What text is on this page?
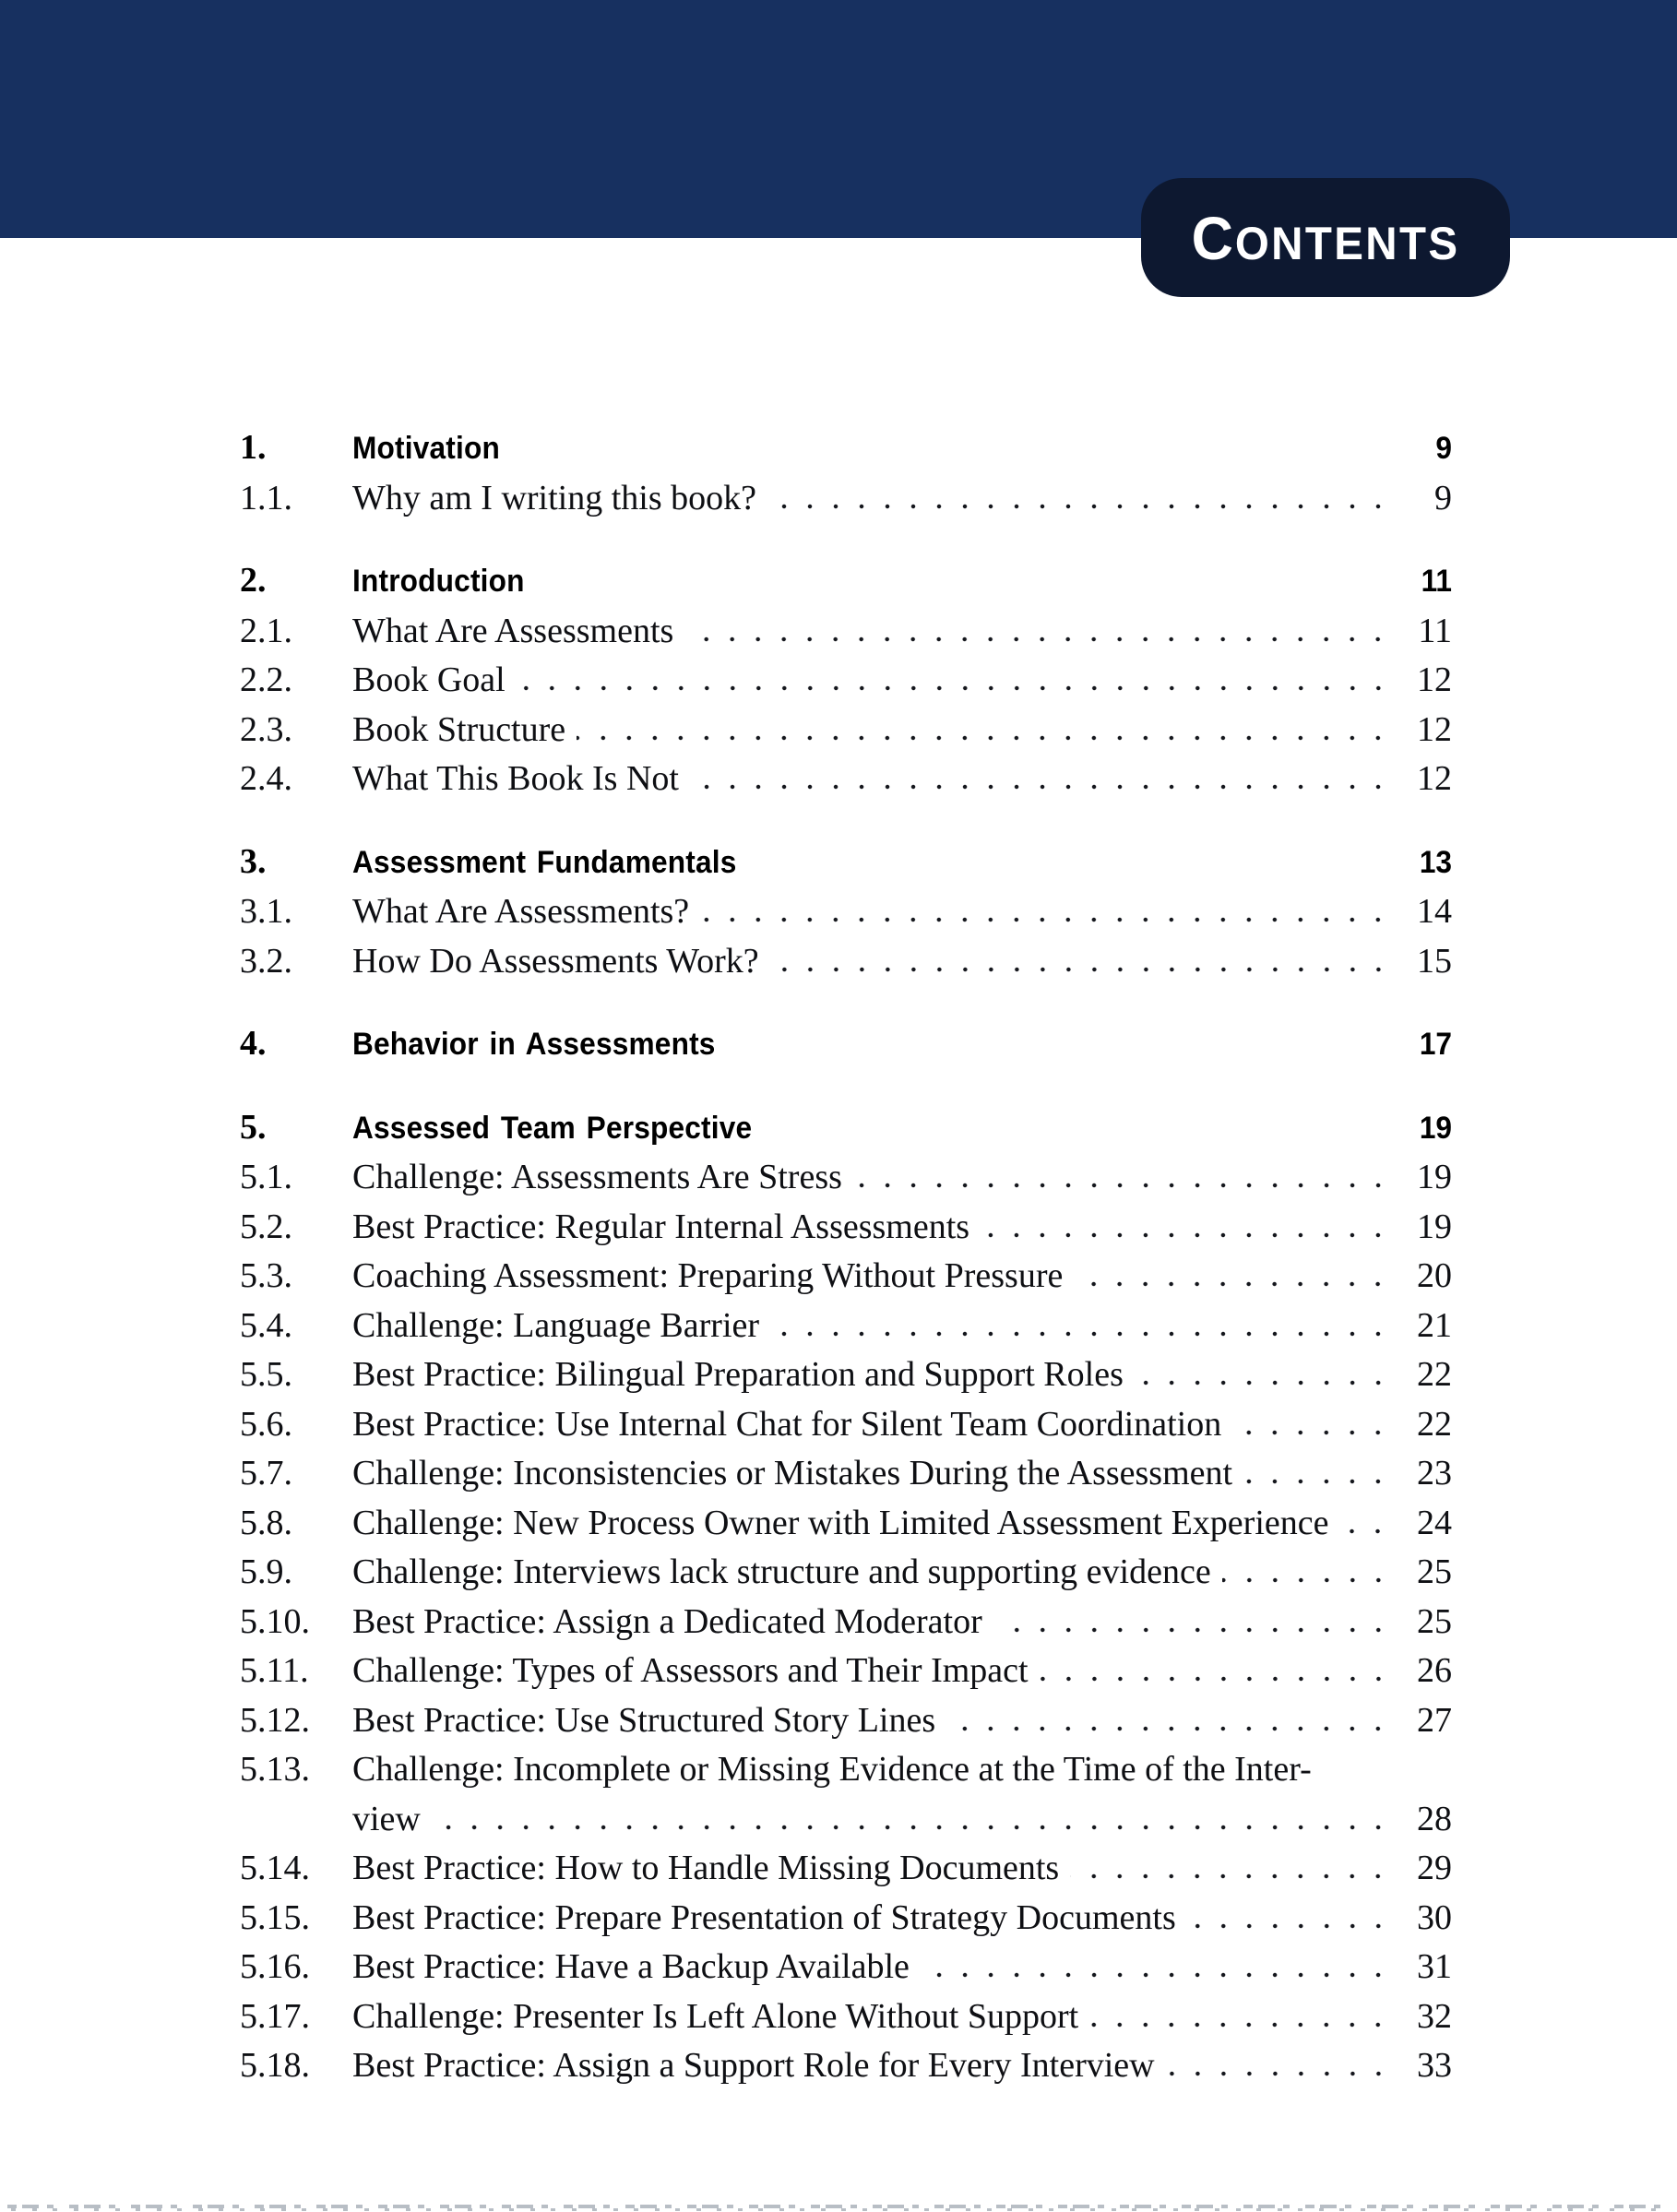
CONTENTS
1.	Motivation	9
1.1.	Why am I writing this book?	9
2.	Introduction	11
2.1.	What Are Assessments	11
2.2.	Book Goal	12
2.3.	Book Structure	12
2.4.	What This Book Is Not	12
3.	Assessment Fundamentals	13
3.1.	What Are Assessments?	14
3.2.	How Do Assessments Work?	15
4.	Behavior in Assessments	17
5.	Assessed Team Perspective	19
5.1.	Challenge: Assessments Are Stress	19
5.2.	Best Practice: Regular Internal Assessments	19
5.3.	Coaching Assessment: Preparing Without Pressure	20
5.4.	Challenge: Language Barrier	21
5.5.	Best Practice: Bilingual Preparation and Support Roles	22
5.6.	Best Practice: Use Internal Chat for Silent Team Coordination	22
5.7.	Challenge: Inconsistencies or Mistakes During the Assessment	23
5.8.	Challenge: New Process Owner with Limited Assessment Experience	24
5.9.	Challenge: Interviews lack structure and supporting evidence	25
5.10.	Best Practice: Assign a Dedicated Moderator	25
5.11.	Challenge: Types of Assessors and Their Impact	26
5.12.	Best Practice: Use Structured Story Lines	27
5.13.	Challenge: Incomplete or Missing Evidence at the Time of the Inter-
view	28
5.14.	Best Practice: How to Handle Missing Documents	29
5.15.	Best Practice: Prepare Presentation of Strategy Documents	30
5.16.	Best Practice: Have a Backup Available	31
5.17.	Challenge: Presenter Is Left Alone Without Support	32
5.18.	Best Practice: Assign a Support Role for Every Interview	33
